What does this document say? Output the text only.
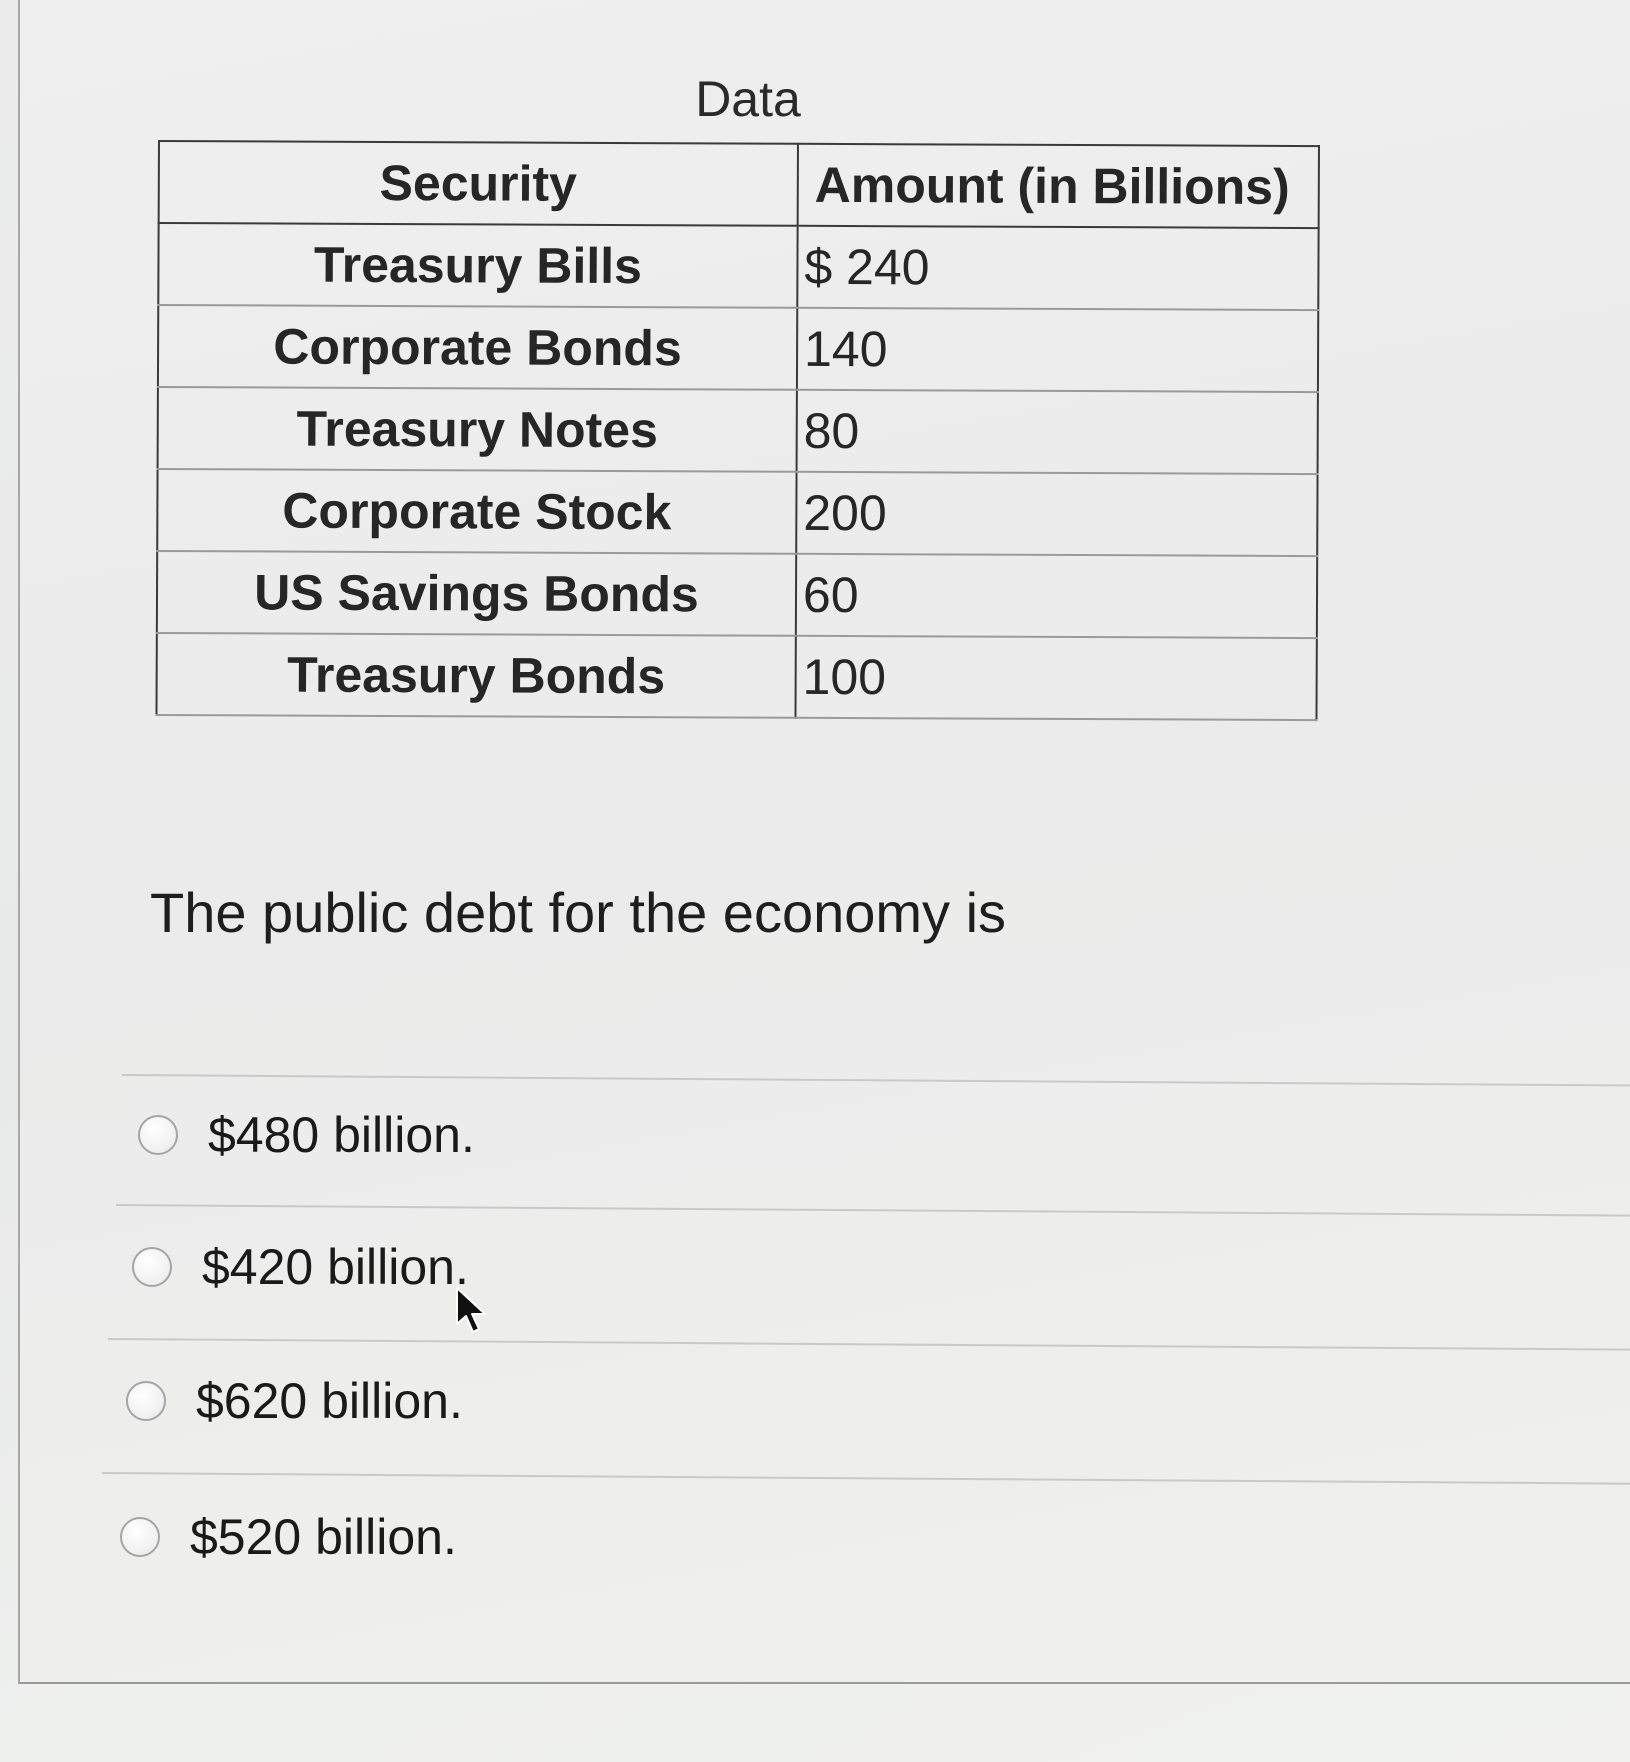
Data
Security	Amount (in Billions)
Treasury Bills	$ 240
Corporate Bonds	140
Treasury Notes	80
Corporate Stock	200
US Savings Bonds	60
Treasury Bonds	100
The public debt for the economy is
$480 billion.
$420 billion.
$620 billion.
$520 billion.
